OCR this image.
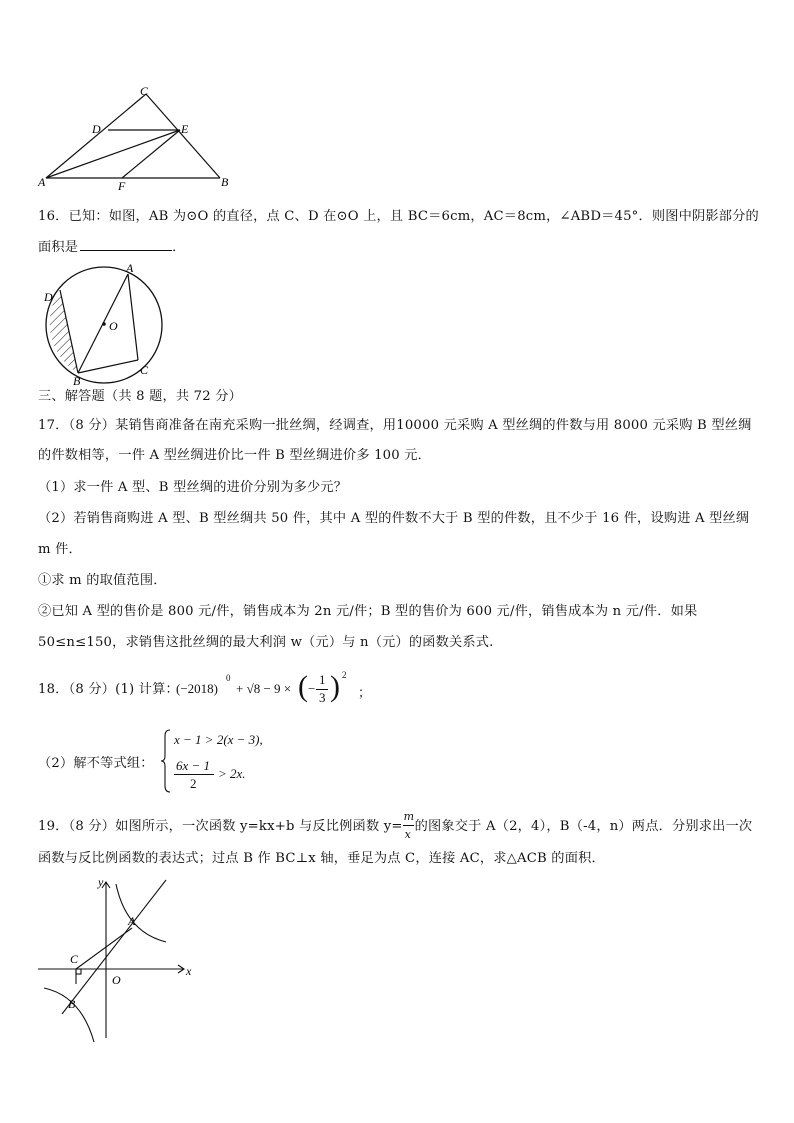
C
D	E
A	F	B
16．已知：如图，AB 为⊙O 的直径，点 C、D 在⊙O 上，且 BC＝6cm，AC＝8cm，∠ABD＝45°．则图中阴影部分的
面积是	．
A
D
O
B
C
三、解答题（共 8 题，共 72 分）
17．（8 分）某销售商准备在南充采购一批丝绸，经调查，用10000 元采购 A 型丝绸的件数与用 8000 元采购 B 型丝绸
的件数相等，一件 A 型丝绸进价比一件 B 型丝绸进价多 100 元．
（1）求一件 A 型、B 型丝绸的进价分别为多少元？
（2）若销售商购进 A 型、B 型丝绸共 50 件，其中 A 型的件数不大于 B 型的件数，且不少于 16 件，设购进 A 型丝绸
m 件．
①求 m 的取值范围．
②已知 A 型的售价是 800 元/件，销售成本为 2n 元/件；B 型的售价为 600 元/件，销售成本为 n 元/件．如果
50≤n≤150，求销售这批丝绸的最大利润 w（元）与 n（元）的函数关系式.
18．（8 分）(1) 计算：
(−2018)
0
+ √8 − 9 × ( −
1
3 ) 2
；
（2）解不等式组：
x − 1 > 2(x − 3),
6x − 1
2
> 2x.
19．（8 分）如图所示，一次函数 y=kx+b 与反比例函数 $y= \frac{m}{x}$ 的图象交于 A（2，4），B（-4，n）两点．分别求出一次
函数与反比例函数的表达式；过点 B 作 BC⊥x 轴，垂足为点 C，连接 AC，求△ACB 的面积．
y
x
A
C
O
B
